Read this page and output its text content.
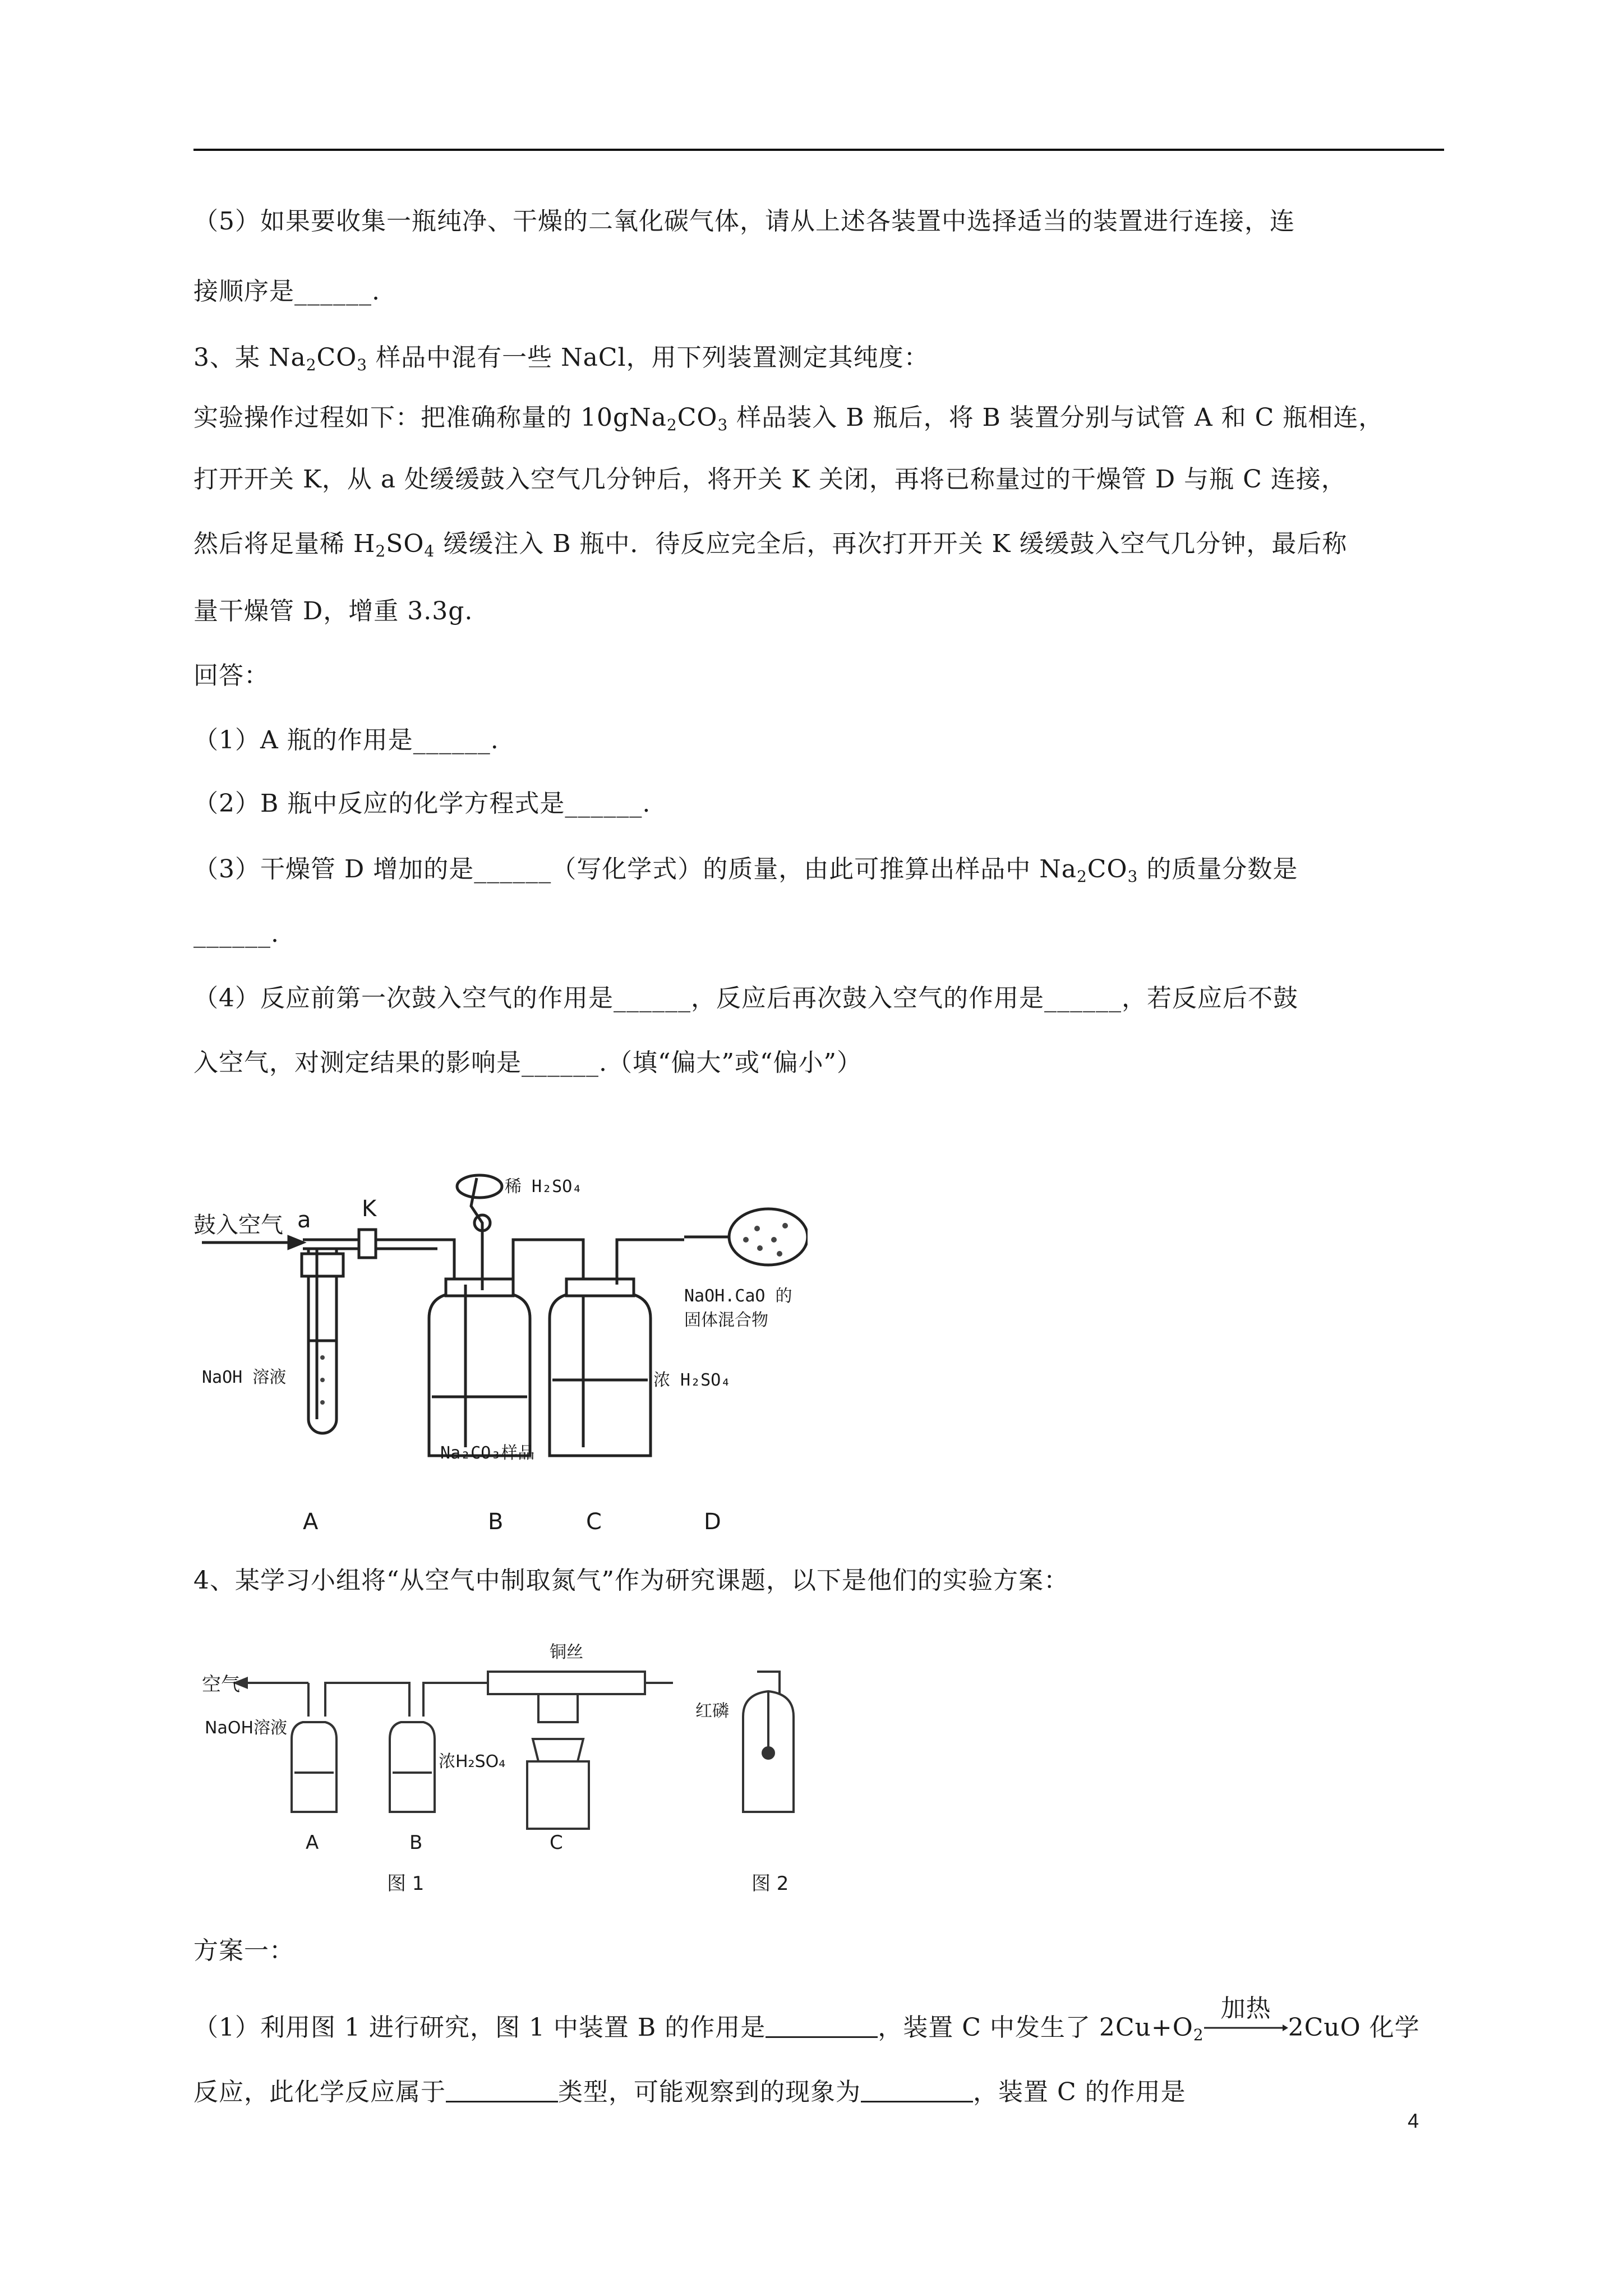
（5）如果要收集一瓶纯净、干燥的二氧化碳气体，请从上述各装置中选择适当的装置进行连接，连
接顺序是______.
3、某 $Na_2CO_3$ 样品中混有一些 NaCl，用下列装置测定其纯度：
实验操作过程如下：把准确称量的 $10gNa_2CO_3$ 样品装入 B 瓶后，将 B 装置分别与试管 A 和 C 瓶相连，
打开开关 K，从 a 处缓缓鼓入空气几分钟后，将开关 K 关闭，再将已称量过的干燥管 D 与瓶 C 连接，
然后将足量稀 $H_2SO_4$ 缓缓注入 B 瓶中．待反应完全后，再次打开开关 K 缓缓鼓入空气几分钟，最后称
量干燥管 D，增重 3.3g.
回答：
（1）A 瓶的作用是______.
（2）B 瓶中反应的化学方程式是______.
（3）干燥管 D 增加的是______（写化学式）的质量，由此可推算出样品中 $Na_2CO_3$ 的质量分数是
______.
（4）反应前第一次鼓入空气的作用是______，反应后再次鼓入空气的作用是______，若反应后不鼓
入空气，对测定结果的影响是______.（填“偏大”或“偏小”）
鼓入空气 a K
稀 H₂SO₄
NaOH 溶液
Na₂CO₃样品
浓 H₂SO₄
NaOH.CaO 的
固体混合物
A	B	C	D
4、某学习小组将“从空气中制取氮气”作为研究课题，以下是他们的实验方案：
空气
NaOH溶液
浓H₂SO₄
铜丝
红磷
A	B	C
图 1	图 2
方案一：
（1）利用图 1 进行研究，图 1 中装置 B 的作用是	，装置 C 中发生了 $2Cu+O_2$
加热
2CuO 化学
反应，此化学反应属于	类型，可能观察到的现象为	，装置 C 的作用是
4
